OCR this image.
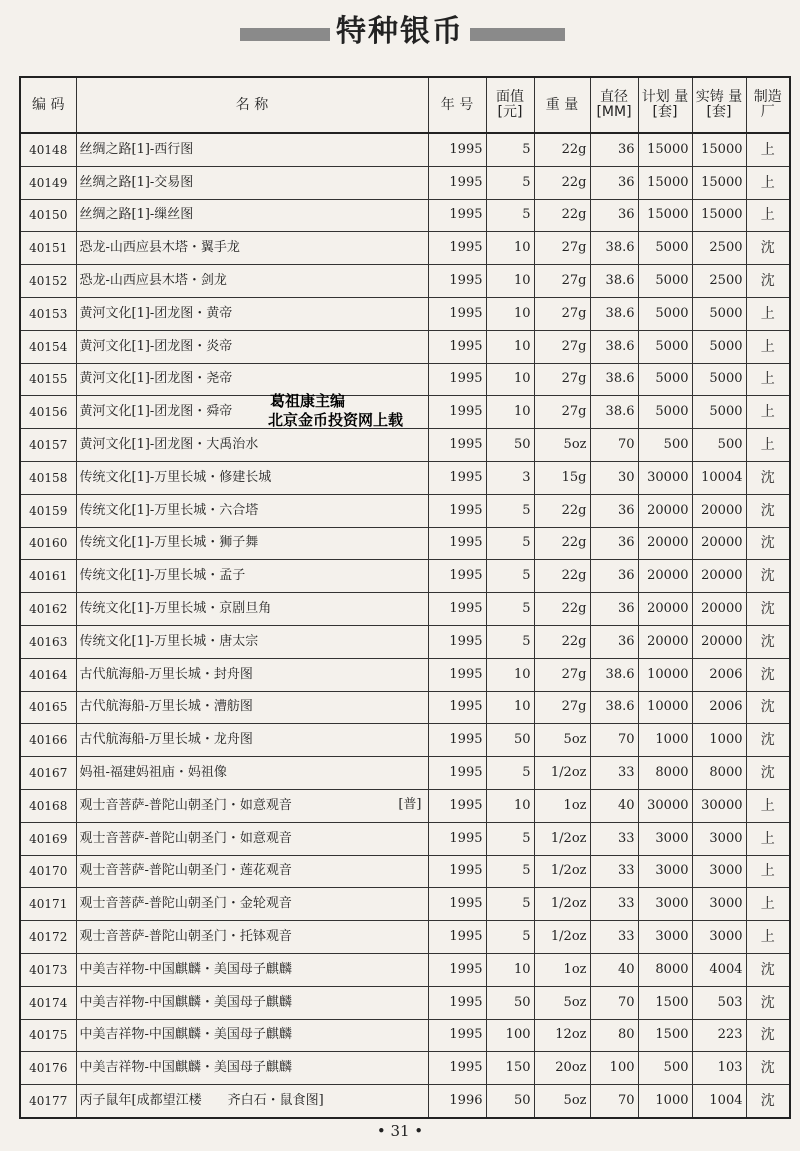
特种银币
编 码	名 称	年 号	面值 [元]	重 量	直径 [MM]	计划 量[套]	实铸 量[套]	制造 厂
40148	丝绸之路[1]-西行图	1995	5	22g	36	15000	15000	上
40149	丝绸之路[1]-交易图	1995	5	22g	36	15000	15000	上
40150	丝绸之路[1]-缫丝图	1995	5	22g	36	15000	15000	上
40151	恐龙-山西应县木塔・翼手龙	1995	10	27g	38.6	5000	2500	沈
40152	恐龙-山西应县木塔・剑龙	1995	10	27g	38.6	5000	2500	沈
40153	黄河文化[1]-团龙图・黄帝	1995	10	27g	38.6	5000	5000	上
40154	黄河文化[1]-团龙图・炎帝	1995	10	27g	38.6	5000	5000	上
40155	黄河文化[1]-团龙图・尧帝	1995	10	27g	38.6	5000	5000	上
40156	黄河文化[1]-团龙图・舜帝	1995	10	27g	38.6	5000	5000	上
40157	黄河文化[1]-团龙图・大禹治水	1995	50	5oz	70	500	500	上
40158	传统文化[1]-万里长城・修建长城	1995	3	15g	30	30000	10004	沈
40159	传统文化[1]-万里长城・六合塔	1995	5	22g	36	20000	20000	沈
40160	传统文化[1]-万里长城・狮子舞	1995	5	22g	36	20000	20000	沈
40161	传统文化[1]-万里长城・孟子	1995	5	22g	36	20000	20000	沈
40162	传统文化[1]-万里长城・京剧旦角	1995	5	22g	36	20000	20000	沈
40163	传统文化[1]-万里长城・唐太宗	1995	5	22g	36	20000	20000	沈
40164	古代航海船-万里长城・封舟图	1995	10	27g	38.6	10000	2006	沈
40165	古代航海船-万里长城・漕舫图	1995	10	27g	38.6	10000	2006	沈
40166	古代航海船-万里长城・龙舟图	1995	50	5oz	70	1000	1000	沈
40167	妈祖-福建妈祖庙・妈祖像	1995	5	1/2oz	33	8000	8000	沈
40168	观士音菩萨-普陀山朝圣门・如意观音 [普]	1995	10	1oz	40	30000	30000	上
40169	观士音菩萨-普陀山朝圣门・如意观音	1995	5	1/2oz	33	3000	3000	上
40170	观士音菩萨-普陀山朝圣门・莲花观音	1995	5	1/2oz	33	3000	3000	上
40171	观士音菩萨-普陀山朝圣门・金轮观音	1995	5	1/2oz	33	3000	3000	上
40172	观士音菩萨-普陀山朝圣门・托钵观音	1995	5	1/2oz	33	3000	3000	上
40173	中美吉祥物-中国麒麟・美国母子麒麟	1995	10	1oz	40	8000	4004	沈
40174	中美吉祥物-中国麒麟・美国母子麒麟	1995	50	5oz	70	1500	503	沈
40175	中美吉祥物-中国麒麟・美国母子麒麟	1995	100	12oz	80	1500	223	沈
40176	中美吉祥物-中国麒麟・美国母子麒麟	1995	150	20oz	100	500	103	沈
40177	丙子鼠年[成都望江楼　　齐白石・鼠食图]	1996	50	5oz	70	1000	1004	沈
葛祖康主编
北京金币投资网上载
• 31 •
